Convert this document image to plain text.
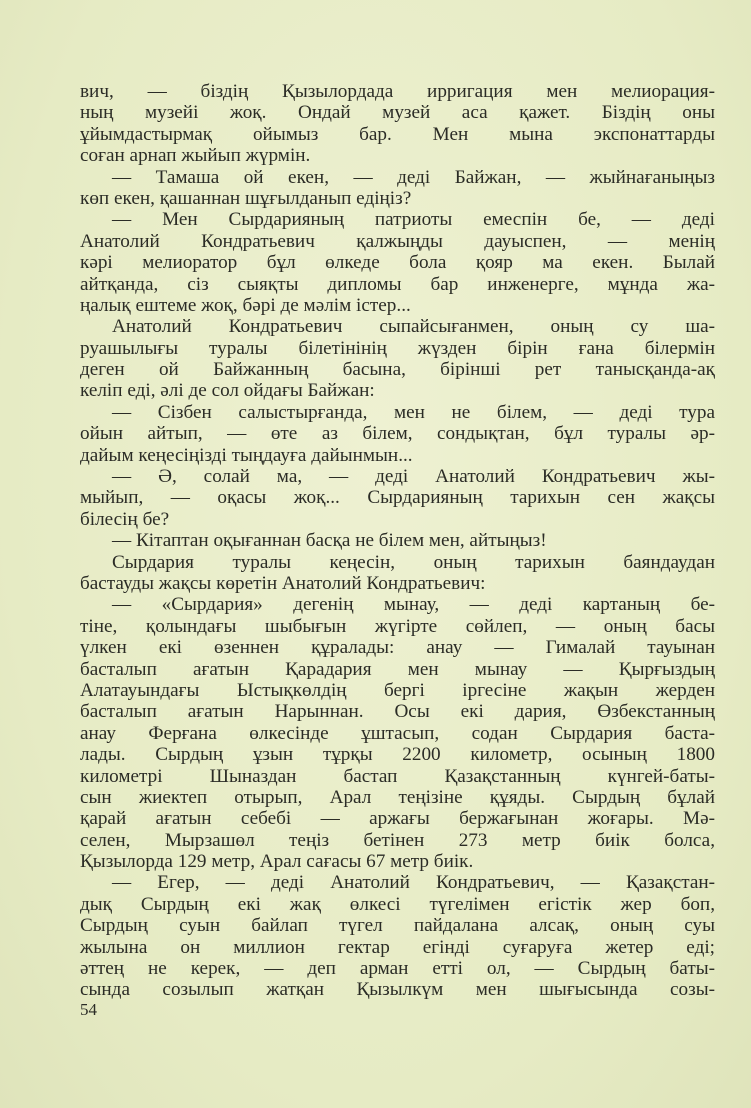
вич, — біздің Қызылордада ирригация мен мелиорация-
ның музейі жоқ. Ондай музей аса қажет. Біздің оны
ұйымдастырмақ ойымыз бар. Мен мына экспонаттарды
соған арнап жыйып жүрмін.
— Тамаша ой екен, — деді Байжан, — жыйнағаныңыз
көп екен, қашаннан шұғылданып едіңіз?
— Мен Сырдарияның патриоты емеспін бе, — деді
Анатолий Кондратьевич қалжыңды дауыспен, — менің
кәрі мелиоратор бұл өлкеде бола қояр ма екен. Былай
айтқанда, сіз сыяқты дипломы бар инженерге, мұнда жа-
ңалық ештеме жоқ, бәрі де мәлім істер...
Анатолий Кондратьевич сыпайсығанмен, оның су ша-
руашылығы туралы білетінінің жүзден бірін ғана білермін
деген ой Байжанның басына, бірінші рет танысқанда-ақ
келіп еді, әлі де сол ойдағы Байжан:
— Сізбен салыстырғанда, мен не білем, — деді тура
ойын айтып, — өте аз білем, сондықтан, бұл туралы әр-
дайым кеңесіңізді тыңдауға дайынмын...
— Ә, солай ма, — деді Анатолий Кондратьевич жы-
мыйып, — оқасы жоқ... Сырдарияның тарихын сен жақсы
білесің бе?
— Кітаптан оқығаннан басқа не білем мен, айтыңыз!
Сырдария туралы кеңесін, оның тарихын баяндаудан
бастауды жақсы көретін Анатолий Кондратьевич:
— «Сырдария» дегенің мынау, — деді картаның бе-
тіне, қолындағы шыбығын жүгірте сөйлеп, — оның басы
үлкен екі өзеннен құралады: анау — Гималай тауынан
басталып ағатын Қарадария мен мынау — Қырғыздың
Алатауындағы Ыстықкөлдің бергі іргесіне жақын жерден
басталып ағатын Нарыннан. Осы екі дария, Өзбекстанның
анау Ферғана өлкесінде ұштасып, содан Сырдария баста-
лады. Сырдың ұзын тұрқы 2200 километр, осының 1800
километрі Шыназдан бастап Қазақстанның күнгей-баты-
сын жиектеп отырып, Арал теңізіне құяды. Сырдың бұлай
қарай ағатын себебі — аржағы бержағынан жоғары. Мә-
селен, Мырзашөл теңіз бетінен 273 метр биік болса,
Қызылорда 129 метр, Арал сағасы 67 метр биік.
— Егер, — деді Анатолий Кондратьевич, — Қазақстан-
дық Сырдың екі жақ өлкесі түгелімен егістік жер боп,
Сырдың суын байлап түгел пайдалана алсақ, оның суы
жылына он миллион гектар егінді суғаруға жетер еді;
әттең не керек, — деп арман етті ол, — Сырдың баты-
сында созылып жатқан Қызылкүм мен шығысында созы-
54
